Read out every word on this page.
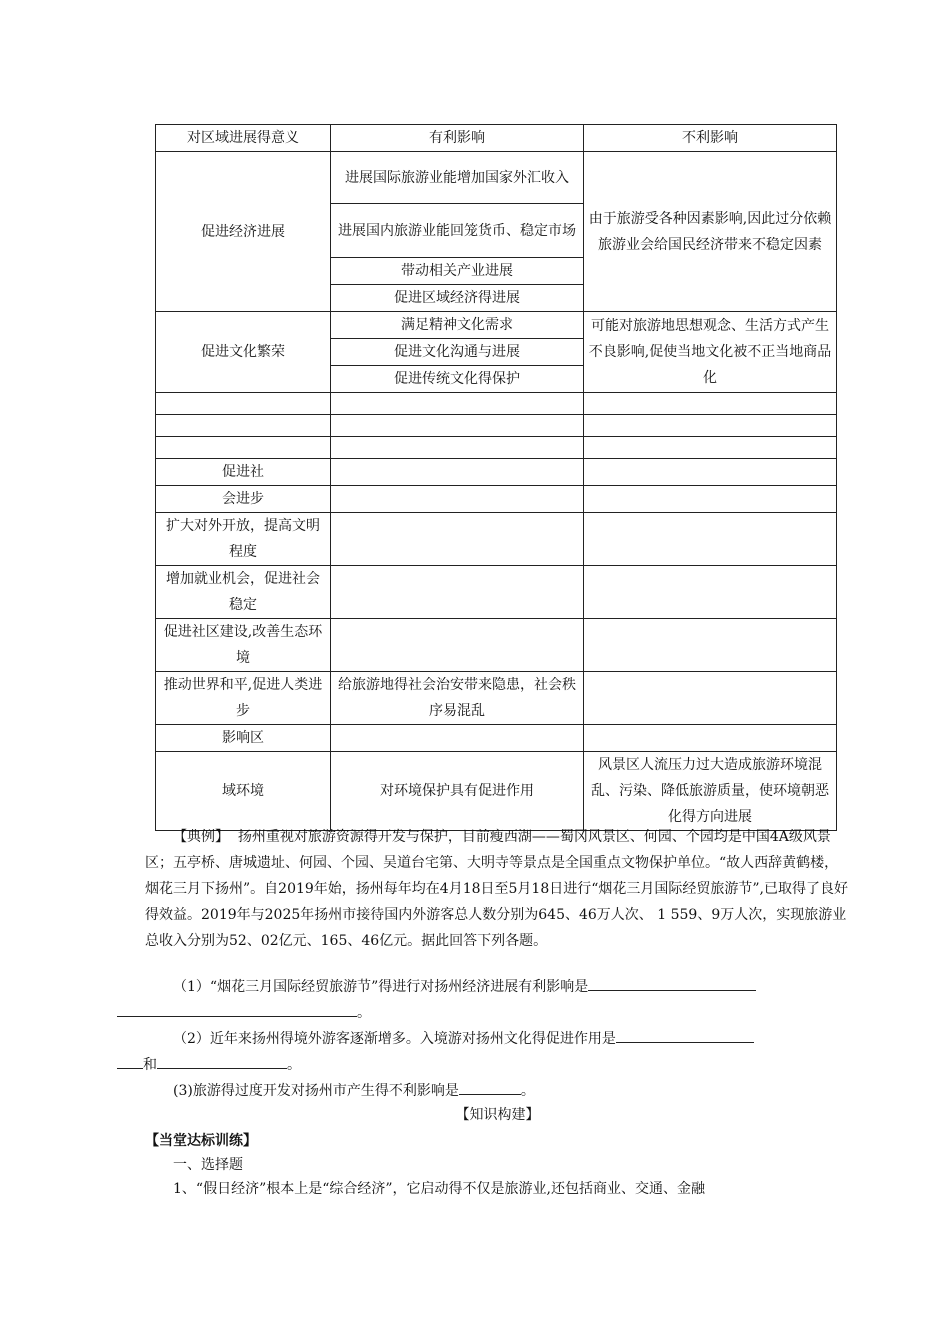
对区域进展得意义	有利影响	不利影响
促进经济进展	进展国际旅游业能增加国家外汇收入	由于旅游受各种因素影响,因此过分依赖旅游业会给国民经济带来不稳定因素
	进展国内旅游业能回笼货币、稳定市场	
	带动相关产业进展	
	促进区域经济得进展	
促进文化繁荣	满足精神文化需求	可能对旅游地思想观念、生活方式产生不良影响,促使当地文化被不正当地商品化
	促进文化沟通与进展	
	促进传统文化得保护	

促进社		
会进步		
扩大对外开放，提高文明程度		
增加就业机会，促进社会稳定		
促进社区建设,改善生态环境		
推动世界和平,促进人类进步	给旅游地得社会治安带来隐患，社会秩序易混乱	
影响区		
域环境	对环境保护具有促进作用	风景区人流压力过大造成旅游环境混乱、污染、降低旅游质量，使环境朝恶化得方向进展

【典例】 扬州重视对旅游资源得开发与保护，目前瘦西湖——蜀冈风景区、何园、个园均是中国4A级风景区；五亭桥、唐城遗址、何园、个园、吴道台宅第、大明寺等景点是全国重点文物保护单位。“故人西辞黄鹤楼，烟花三月下扬州”。自2019年始，扬州每年均在4月18日至5月18日进行“烟花三月国际经贸旅游节”,已取得了良好得效益。2019年与2025年扬州市接待国内外游客总人数分别为645、46万人次、 1 559、9万人次，实现旅游业总收入分别为52、02亿元、165、46亿元。据此回答下列各题。

（1）“烟花三月国际经贸旅游节”得进行对扬州经济进展有利影响是
。

（2）近年来扬州得境外游客逐渐增多。入境游对扬州文化得促进作用是
和	。

(3)旅游得过度开发对扬州市产生得不利影响是	。

【知识构建】

【当堂达标训练】

一、选择题

1、“假日经济”根本上是“综合经济”，它启动得不仅是旅游业,还包括商业、交通、金融
